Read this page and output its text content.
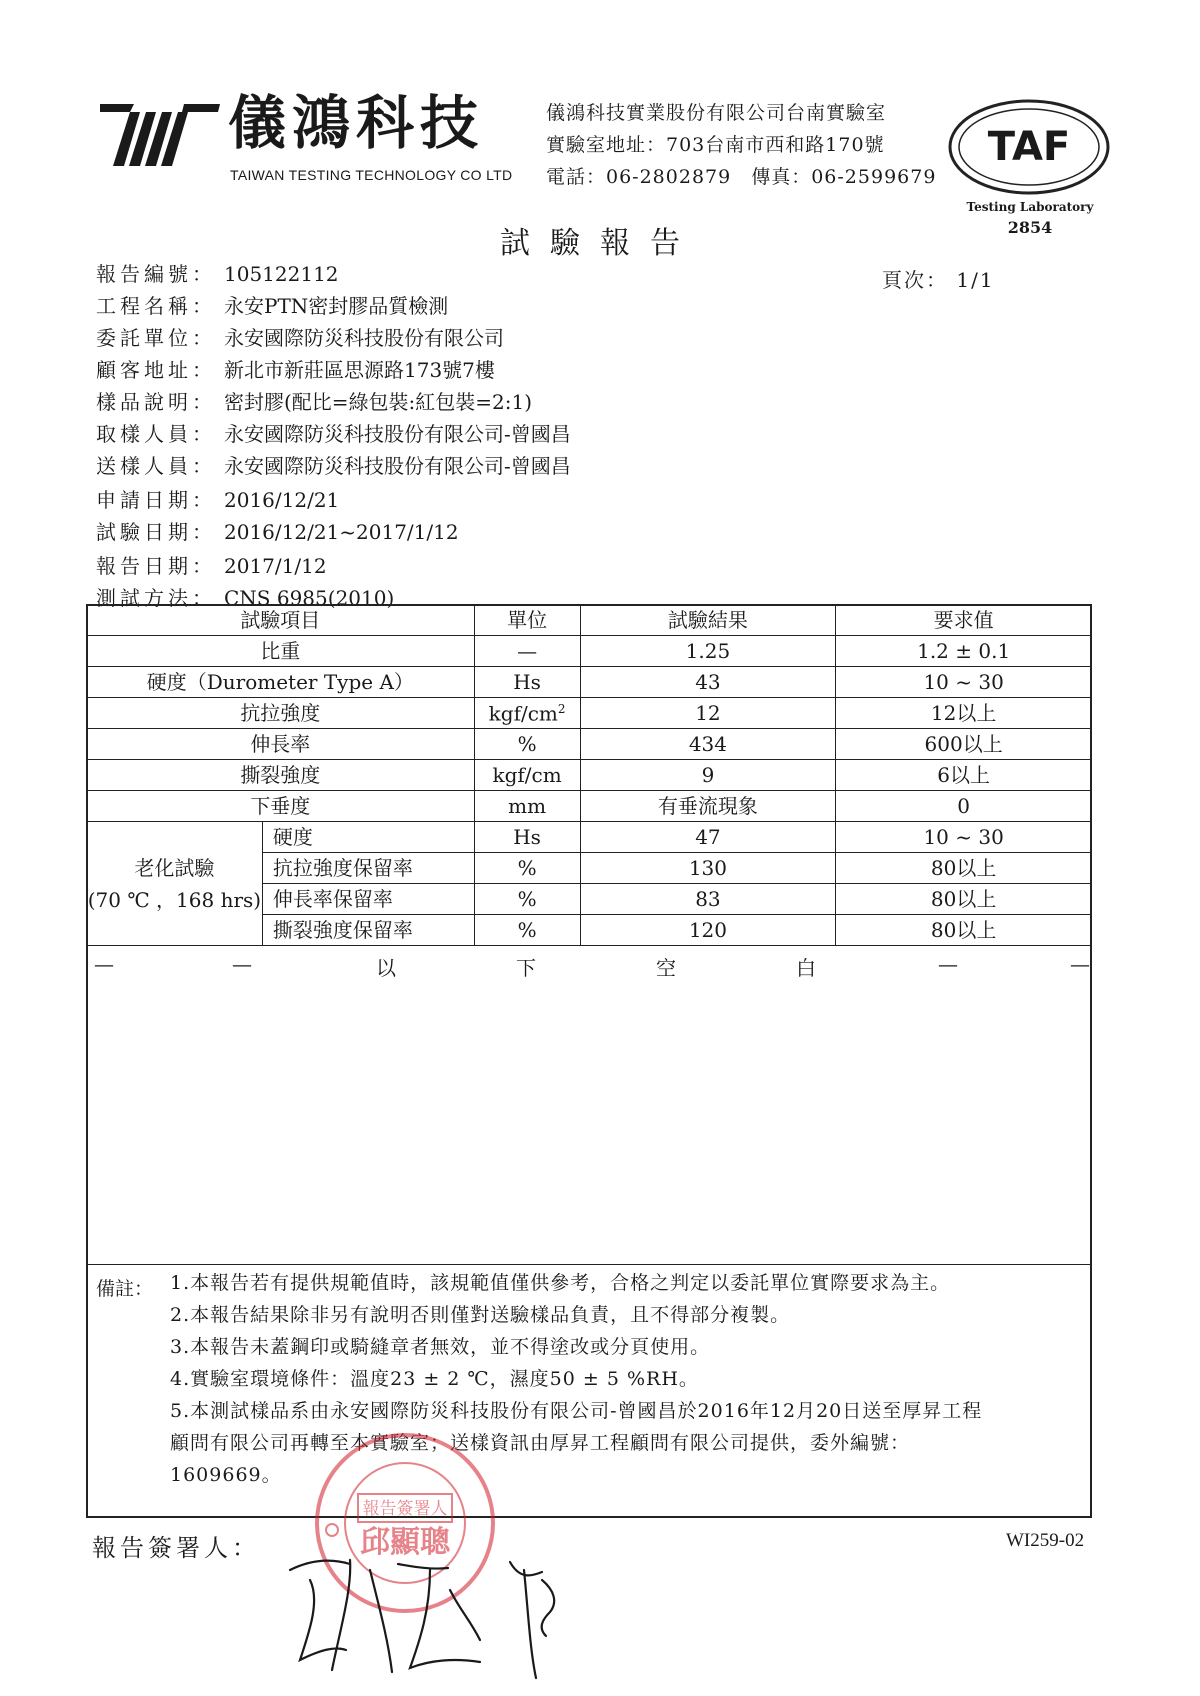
儀鴻科技
TAIWAN TESTING TECHNOLOGY CO LTD
儀鴻科技實業股份有限公司台南實驗室
實驗室地址：703台南市西和路170號
電話：06-2802879　傳真：06-2599679
TAF
Testing Laboratory
2854
試驗報告
頁次： 1/1
報告編號： 105122112
工程名稱： 永安PTN密封膠品質檢測
委託單位： 永安國際防災科技股份有限公司
顧客地址： 新北市新莊區思源路173號7樓
樣品說明： 密封膠(配比=綠包裝:紅包裝=2:1)
取樣人員： 永安國際防災科技股份有限公司-曾國昌
送樣人員： 永安國際防災科技股份有限公司-曾國昌
申請日期： 2016/12/21
試驗日期： 2016/12/21~2017/1/12
報告日期： 2017/1/12
測試方法： CNS 6985(2010)
試驗項目		單位	試驗結果	要求值
比重		—	1.25	1.2 ± 0.1
硬度（Durometer Type A）		Hs	43	10 ~ 30
抗拉強度		kgf/$cm^2$	12	12以上
伸長率		%	434	600以上
撕裂強度		kgf/cm	9	6以上
下垂度		mm	有垂流現象	0

老化試驗
(70 ℃ ，168 hrs)	硬度	Hs	47	10 ~ 30
	抗拉強度保留率	%	130	80以上
	伸長率保留率	%	83	80以上
	撕裂強度保留率	%	120	80以上
—	—	以	下	空	白	—	—
備註： 1.本報告若有提供規範值時，該規範值僅供參考，合格之判定以委託單位實際要求為主。
2.本報告結果除非另有說明否則僅對送驗樣品負責，且不得部分複製。
3.本報告未蓋鋼印或騎縫章者無效，並不得塗改或分頁使用。
4.實驗室環境條件：溫度23 ± 2 ℃，濕度50 ± 5 %RH。
5.本測試樣品系由永安國際防災科技股份有限公司-曾國昌於2016年12月20日送至厚昇工程
顧問有限公司再轉至本實驗室；送樣資訊由厚昇工程顧問有限公司提供，委外編號：
1609669。
報告簽署人
邱顯聰
報告簽署人：	WI259-02
